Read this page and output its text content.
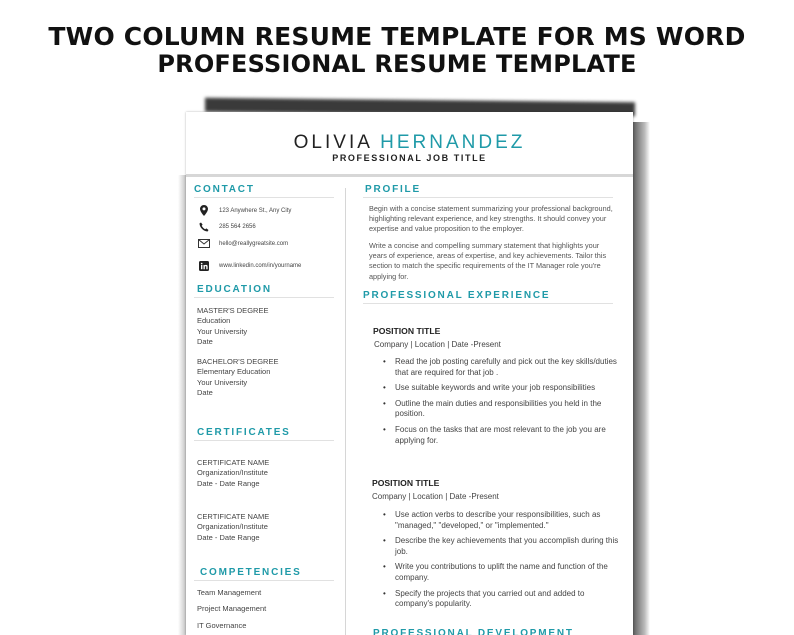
TWO COLUMN RESUME TEMPLATE FOR MS WORD
PROFESSIONAL RESUME TEMPLATE
OLIVIA HERNANDEZ
PROFESSIONAL JOB TITLE
CONTACT
123 Anywhere St., Any City
285 564 2656
hello@reallygreatsite.com
www.linkedin.com/in/yourname
EDUCATION
MASTER'S DEGREE
Education
Your University
Date
BACHELOR'S DEGREE
Elementary Education
Your University
Date
CERTIFICATES
CERTIFICATE NAME
Organization/Institute
Date - Date Range
CERTIFICATE NAME
Organization/Institute
Date - Date Range
COMPETENCIES
Team Management
Project Management
IT Governance
PROFILE
Begin with a concise statement summarizing your professional background, highlighting relevant experience, and key strengths. It should convey your expertise and value proposition to the employer.
Write a concise and compelling summary statement that highlights your years of experience, areas of expertise, and key achievements. Tailor this section to match the specific requirements of the IT Manager role you're applying for.
PROFESSIONAL EXPERIENCE
POSITION TITLE
Company | Location | Date -Present
• Read the job posting carefully and pick out the key skills/duties that are required for that job .
• Use suitable keywords and write your job responsibilities
• Outline the main duties and responsibilities you held in the position.
• Focus on the tasks that are most relevant to the job you are applying for.
POSITION TITLE
Company | Location | Date -Present
• Use action verbs to describe your responsibilities, such as "managed," "developed," or "implemented."
• Describe the key achievements that you accomplish during this job.
• Write you contributions to uplift the name and function of the company.
• Specify the projects that you carried out and added to company's popularity.
PROFESSIONAL DEVELOPMENT
